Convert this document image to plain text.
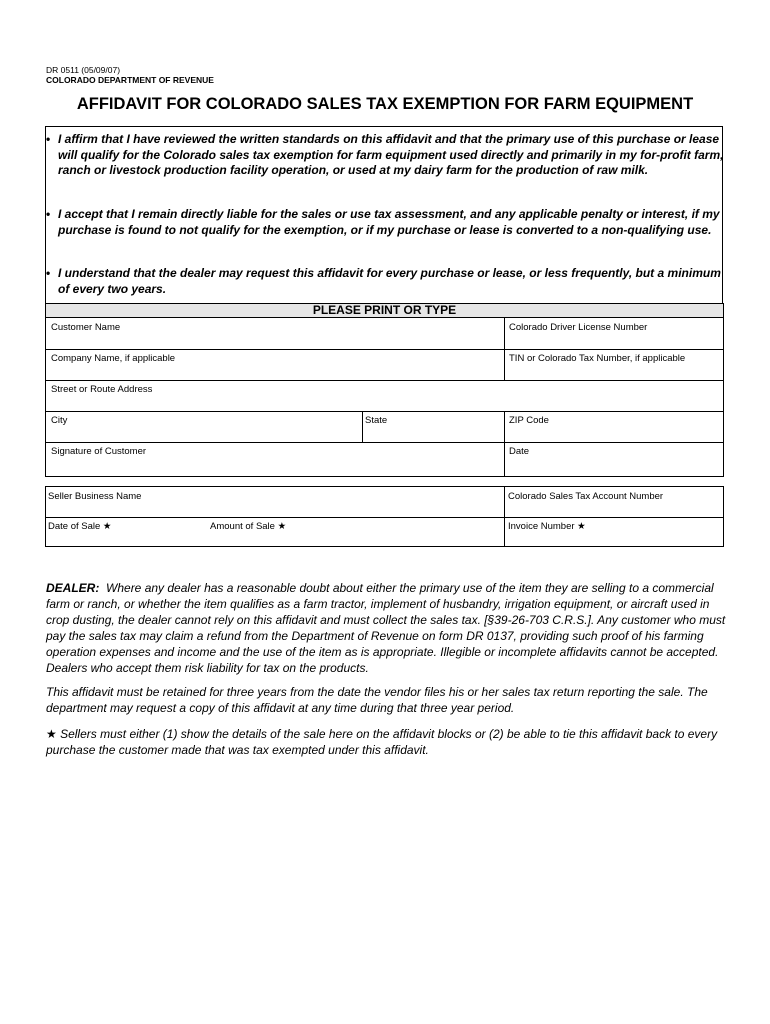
DR 0511 (05/09/07)
COLORADO DEPARTMENT OF REVENUE
AFFIDAVIT FOR COLORADO SALES TAX EXEMPTION FOR FARM EQUIPMENT
• I affirm that I have reviewed the written standards on this affidavit and that the primary use of this purchase or lease will qualify for the Colorado sales tax exemption for farm equipment used directly and primarily in my for-profit farm, ranch or livestock production facility operation, or used at my dairy farm for the production of raw milk.
• I accept that I remain directly liable for the sales or use tax assessment, and any applicable penalty or interest, if my purchase is found to not qualify for the exemption, or if my purchase or lease is converted to a non-qualifying use.
• I understand that the dealer may request this affidavit for every purchase or lease, or less frequently, but a minimum of every two years.
PLEASE PRINT OR TYPE
Customer Name	Colorado Driver License Number
Company Name, if applicable	TIN or Colorado Tax Number, if applicable
Street or Route Address
City	State	ZIP Code
Signature of Customer	Date
Seller Business Name	Colorado Sales Tax Account Number
Date of Sale ★	Amount of Sale ★	Invoice Number ★
DEALER: Where any dealer has a reasonable doubt about either the primary use of the item they are selling to a commercial farm or ranch, or whether the item qualifies as a farm tractor, implement of husbandry, irrigation equipment, or aircraft used in crop dusting, the dealer cannot rely on this affidavit and must collect the sales tax. [§39-26-703 C.R.S.]. Any customer who must pay the sales tax may claim a refund from the Department of Revenue on form DR 0137, providing such proof of his farming operation expenses and income and the use of the item as is appropriate. Illegible or incomplete affidavits cannot be accepted. Dealers who accept them risk liability for tax on the products.
This affidavit must be retained for three years from the date the vendor files his or her sales tax return reporting the sale. The department may request a copy of this affidavit at any time during that three year period.
★ Sellers must either (1) show the details of the sale here on the affidavit blocks or (2) be able to tie this affidavit back to every purchase the customer made that was tax exempted under this affidavit.
